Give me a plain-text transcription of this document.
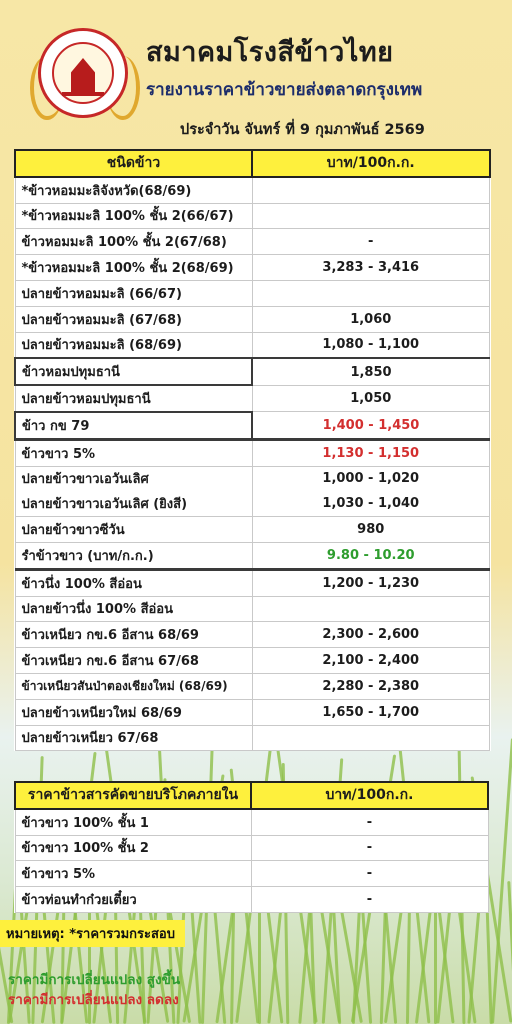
สมาคมโรงสีข้าวไทย
รายงานราคาข้าวขายส่งตลาดกรุงเทพ
ประจำวัน จันทร์ ที่ 9 กุมภาพันธ์ 2569
ชนิดข้าว	บาท/100ก.ก.
*ข้าวหอมมะลิจังหวัด(68/69)	
*ข้าวหอมมะลิ 100% ชั้น 2(66/67)	
ข้าวหอมมะลิ 100% ชั้น 2(67/68)	-
*ข้าวหอมมะลิ 100% ชั้น 2(68/69)	3,283 - 3,416
ปลายข้าวหอมมะลิ (66/67)	
ปลายข้าวหอมมะลิ (67/68)	1,060
ปลายข้าวหอมมะลิ (68/69)	1,080 - 1,100
ข้าวหอมปทุมธานี	1,850
ปลายข้าวหอมปทุมธานี	1,050
ข้าว กข 79	1,400 - 1,450
ข้าวขาว 5%	1,130 - 1,150
ปลายข้าวขาวเอวันเลิศ	1,000 - 1,020
ปลายข้าวขาวเอวันเลิศ (ยิงสี)	1,030 - 1,040
ปลายข้าวขาวซีวัน	980
รำข้าวขาว (บาท/ก.ก.)	9.80 - 10.20
ข้าวนึ่ง 100% สีอ่อน	1,200 - 1,230
ปลายข้าวนึ่ง 100% สีอ่อน	
ข้าวเหนียว กข.6 อีสาน 68/69	2,300 - 2,600
ข้าวเหนียว กข.6 อีสาน 67/68	2,100 - 2,400
ข้าวเหนียวสันป่าตองเชียงใหม่ (68/69)	2,280 - 2,380
ปลายข้าวเหนียวใหม่ 68/69	1,650 - 1,700
ปลายข้าวเหนียว 67/68	
ราคาข้าวสารคัดขายบริโภคภายใน	บาท/100ก.ก.
ข้าวขาว 100% ชั้น 1	-
ข้าวขาว 100% ชั้น 2	-
ข้าวขาว 5%	-
ข้าวท่อนทำก๋วยเตี๋ยว	-
หมายเหตุ: *ราคารวมกระสอบ
ราคามีการเปลี่ยนแปลง สูงขึ้น
ราคามีการเปลี่ยนแปลง ลดลง
